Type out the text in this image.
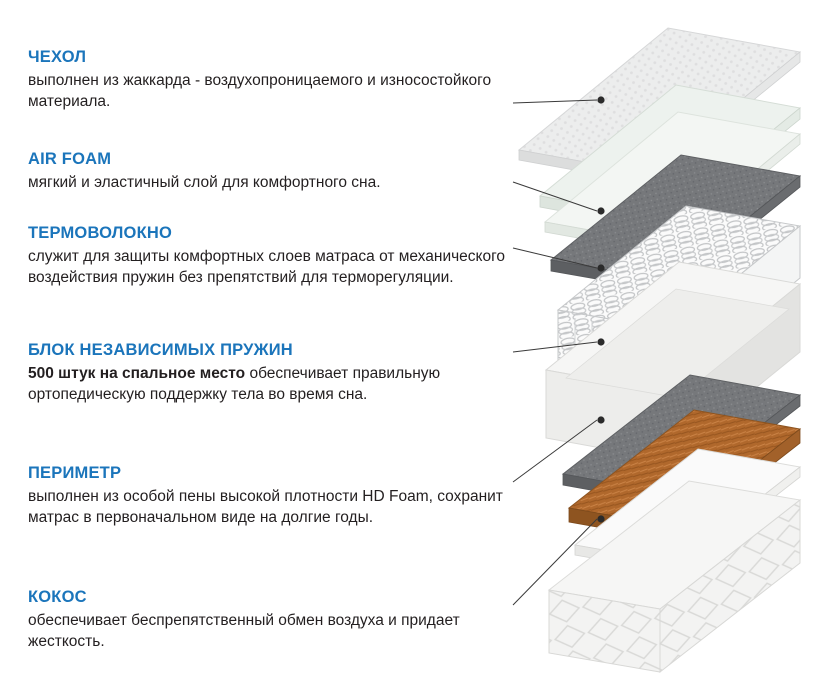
ЧЕХОЛ

выполнен из жаккарда - воздухопроницаемого и износостойкого материала.

AIR FOAM

мягкий и эластичный слой для комфортного сна.

ТЕРМОВОЛОКНО

служит для защиты комфортных слоев матраса от механического воздействия пружин без препятствий для терморегуляции.

БЛОК НЕЗАВИСИМЫХ ПРУЖИН

500 штук на спальное место обеспечивает правильную ортопедическую поддержку тела во время сна.

ПЕРИМЕТР

выполнен из особой пены высокой плотности HD Foam, сохранит матрас в первоначальном виде на долгие годы.

КОКОС

обеспечивает беспрепятственный обмен воздуха и придает жесткость.
